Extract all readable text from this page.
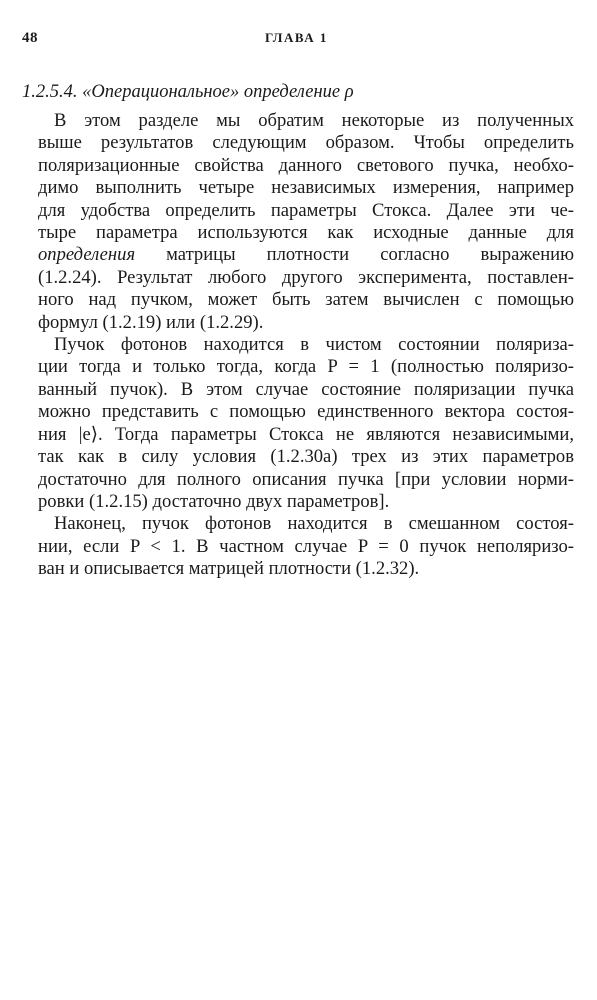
48	ГЛАВА 1
1.2.5.4. «Операциональное» определение ρ

В этом разделе мы обратим некоторые из полученных
выше результатов следующим образом. Чтобы определить
поляризационные свойства данного светового пучка, необхо-
димо выполнить четыре независимых измерения, например
для удобства определить параметры Стокса. Далее эти че-
тыре параметра используются как исходные данные для
определения матрицы плотности согласно выражению
(1.2.24). Результат любого другого эксперимента, поставлен-
ного над пучком, может быть затем вычислен с помощью
формул (1.2.19) или (1.2.29).

Пучок фотонов находится в чистом состоянии поляриза-
ции тогда и только тогда, когда P = 1 (полностью поляризо-
ванный пучок). В этом случае состояние поляризации пучка
можно представить с помощью единственного вектора состоя-
ния |e⟩. Тогда параметры Стокса не являются независимыми,
так как в силу условия (1.2.30а) трех из этих параметров
достаточно для полного описания пучка [при условии норми-
ровки (1.2.15) достаточно двух параметров].

Наконец, пучок фотонов находится в смешанном состоя-
нии, если P < 1. В частном случае P = 0 пучок неполяризо-
ван и описывается матрицей плотности (1.2.32).
